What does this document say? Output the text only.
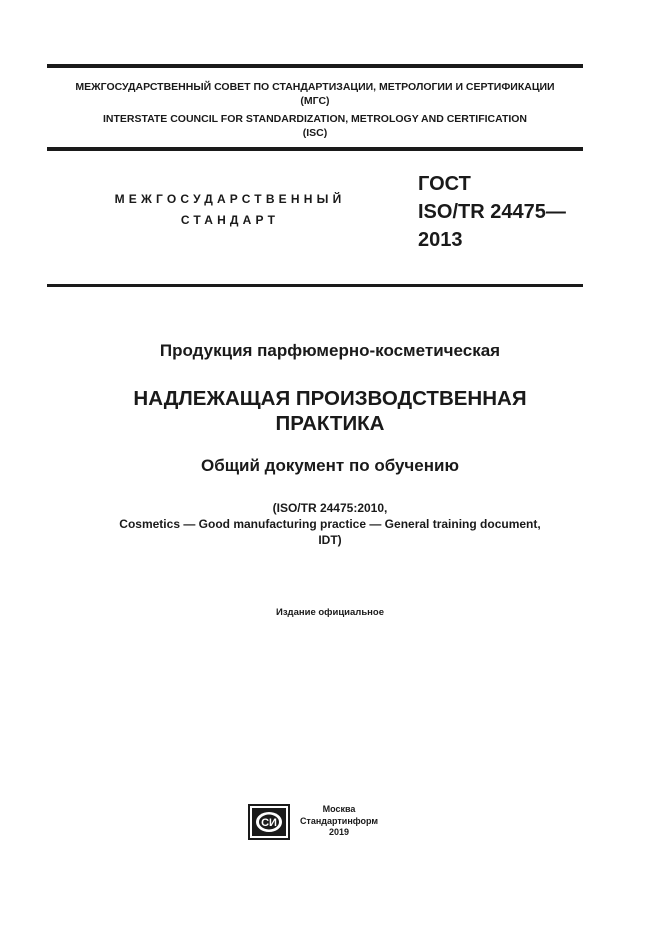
МЕЖГОСУДАРСТВЕННЫЙ СОВЕТ ПО СТАНДАРТИЗАЦИИ, МЕТРОЛОГИИ И СЕРТИФИКАЦИИ
(МГС)
INTERSTATE COUNCIL FOR STANDARDIZATION, METROLOGY AND CERTIFICATION
(ISC)
МЕЖГОСУДАРСТВЕННЫЙ
СТАНДАРТ
ГОСТ
ISO/TR 24475—
2013
Продукция парфюмерно-косметическая
НАДЛЕЖАЩАЯ ПРОИЗВОДСТВЕННАЯ
ПРАКТИКА
Общий документ по обучению
(ISO/TR 24475:2010,
Cosmetics — Good manufacturing practice — General training document,
IDT)
Издание официальное
СИ
Москва
Стандартинформ
2019
